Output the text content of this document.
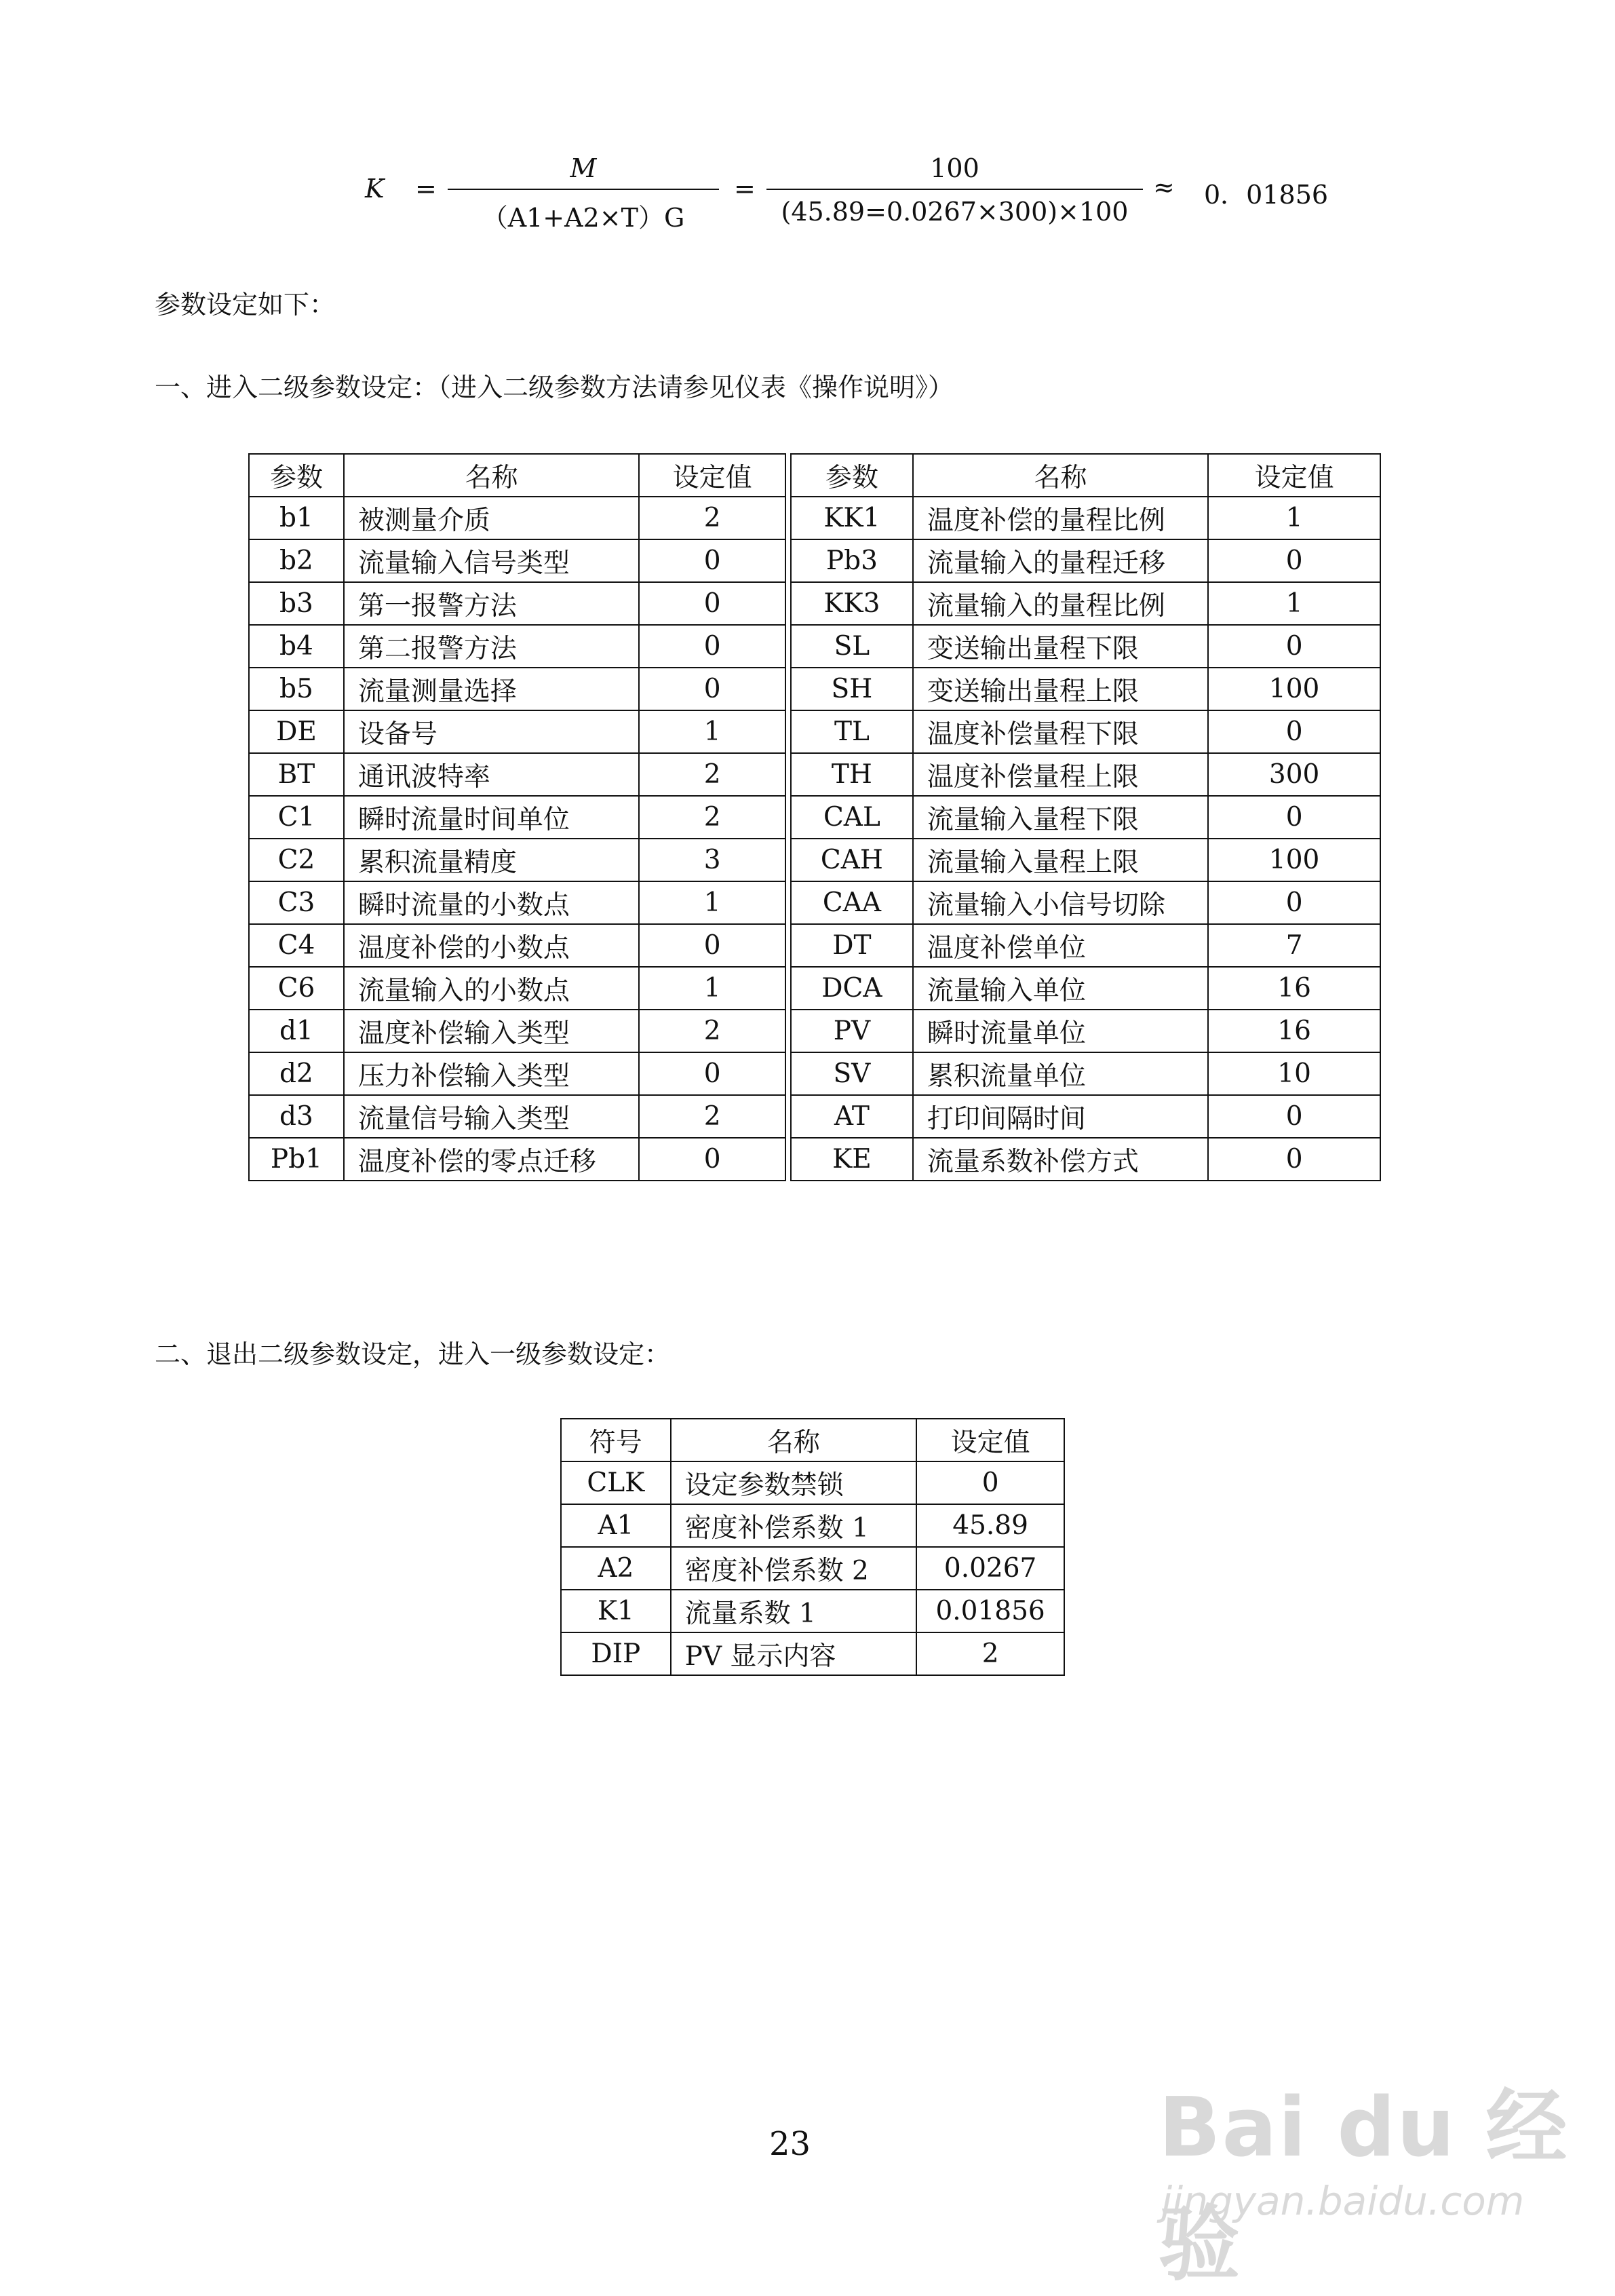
$K = \frac{M}{(A1+A2\times T)G} = \frac{100}{(45.89=0.0267\times 300)\times 100} \approx 0$．01856
参数设定如下：
一、进入二级参数设定：（进入二级参数方法请参见仪表《操作说明》）
参数	名称	设定值		参数	名称	设定值
b1	被测量介质	2		KK1	温度补偿的量程比例	1
b2	流量输入信号类型	0		Pb3	流量输入的量程迁移	0
b3	第一报警方法	0		KK3	流量输入的量程比例	1
b4	第二报警方法	0		SL	变送输出量程下限	0
b5	流量测量选择	0		SH	变送输出量程上限	100
DE	设备号	1		TL	温度补偿量程下限	0
BT	通讯波特率	2		TH	温度补偿量程上限	300
C1	瞬时流量时间单位	2		CAL	流量输入量程下限	0
C2	累积流量精度	3		CAH	流量输入量程上限	100
C3	瞬时流量的小数点	1		CAA	流量输入小信号切除	0
C4	温度补偿的小数点	0		DT	温度补偿单位	7
C6	流量输入的小数点	1		DCA	流量输入单位	16
d1	温度补偿输入类型	2		PV	瞬时流量单位	16
d2	压力补偿输入类型	0		SV	累积流量单位	10
d3	流量信号输入类型	2		AT	打印间隔时间	0
Pb1	温度补偿的零点迁移	0		KE	流量系数补偿方式	0
二、退出二级参数设定，进入一级参数设定：
符号	名称	设定值
CLK	设定参数禁锁	0
A1	密度补偿系数 1	45.89
A2	密度补偿系数 2	0.0267
K1	流量系数 1	0.01856
DIP	PV 显示内容	2
23	Bai du 经验
jingyan.baidu.com
